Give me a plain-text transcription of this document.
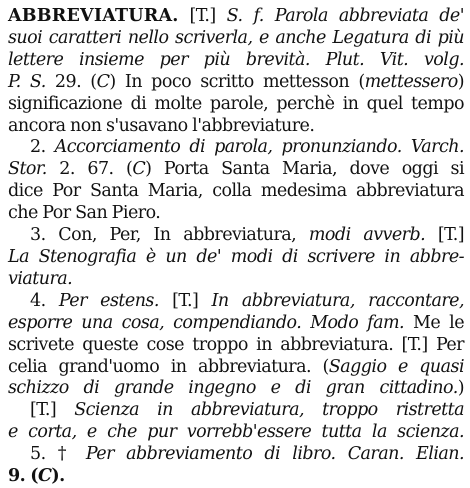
ABBREVIATURA. [T.] S. f. Parola abbreviata de'
suoi caratteri nello scriverla, e anche Legatura di più
lettere insieme per più brevità. Plut. Vit. volg.
P. S. 29. (C) In poco scritto mettesson (mettessero)
significazione di molte parole, perchè in quel tempo
ancora non s'usavano l'abbreviature.
2. Accorciamento di parola, pronunziando. Varch.
Stor. 2. 67. (C) Porta Santa Maria, dove oggi si
dice Por Santa Maria, colla medesima abbreviatura
che Por San Piero.
3. Con, Per, In abbreviatura, modi avverb. [T.]
La Stenografia è un de' modi di scrivere in abbre-
viatura.
4. Per estens. [T.] In abbreviatura, raccontare,
esporre una cosa, compendiando. Modo fam. Me le
scrivete queste cose troppo in abbreviatura. [T.] Per
celia grand'uomo in abbreviatura. (Saggio e quasi
schizzo di grande ingegno e di gran cittadino.)
[T.] Scienza in abbreviatura, troppo ristretta
e corta, e che pur vorrebb'essere tutta la scienza.
5. † Per abbreviamento di libro. Caran. Elian.
9. (C).
